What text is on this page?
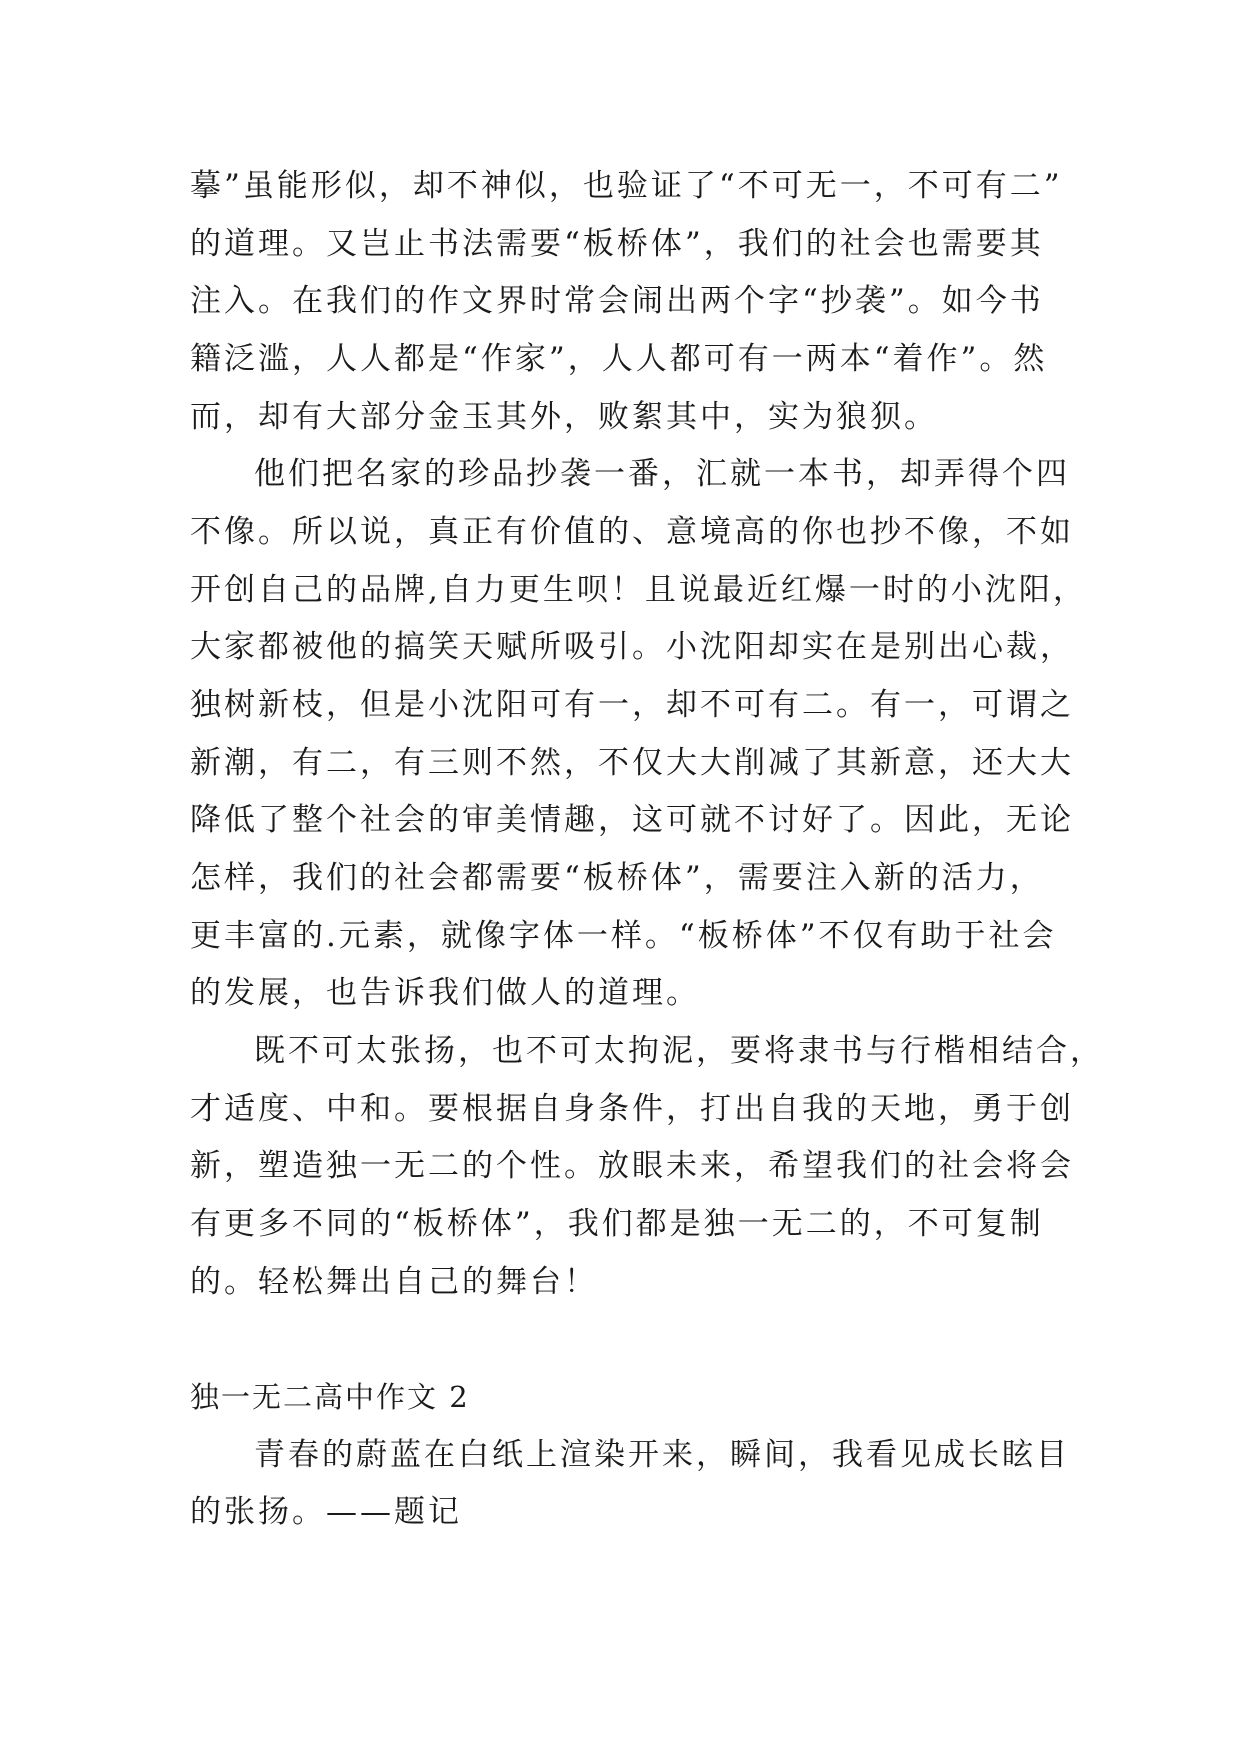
摹”虽能形似，却不神似，也验证了“不可无一，不可有二”
的道理。又岂止书法需要“板桥体”，我们的社会也需要其
注入。在我们的作文界时常会闹出两个字“抄袭”。如今书
籍泛滥，人人都是“作家”，人人都可有一两本“着作”。然
而，却有大部分金玉其外，败絮其中，实为狼狈。
他们把名家的珍品抄袭一番，汇就一本书，却弄得个四
不像。所以说，真正有价值的、意境高的你也抄不像，不如
开创自己的品牌,自力更生呗！且说最近红爆一时的小沈阳，
大家都被他的搞笑天赋所吸引。小沈阳却实在是别出心裁，
独树新枝，但是小沈阳可有一，却不可有二。有一，可谓之
新潮，有二，有三则不然，不仅大大削减了其新意，还大大
降低了整个社会的审美情趣，这可就不讨好了。因此，无论
怎样，我们的社会都需要“板桥体”，需要注入新的活力，
更丰富的.元素，就像字体一样。“板桥体”不仅有助于社会
的发展，也告诉我们做人的道理。
既不可太张扬，也不可太拘泥，要将隶书与行楷相结合，
才适度、中和。要根据自身条件，打出自我的天地，勇于创
新，塑造独一无二的个性。放眼未来，希望我们的社会将会
有更多不同的“板桥体”，我们都是独一无二的，不可复制
的。轻松舞出自己的舞台！
独一无二高中作文 2
青春的蔚蓝在白纸上渲染开来，瞬间，我看见成长眩目
的张扬。——题记
